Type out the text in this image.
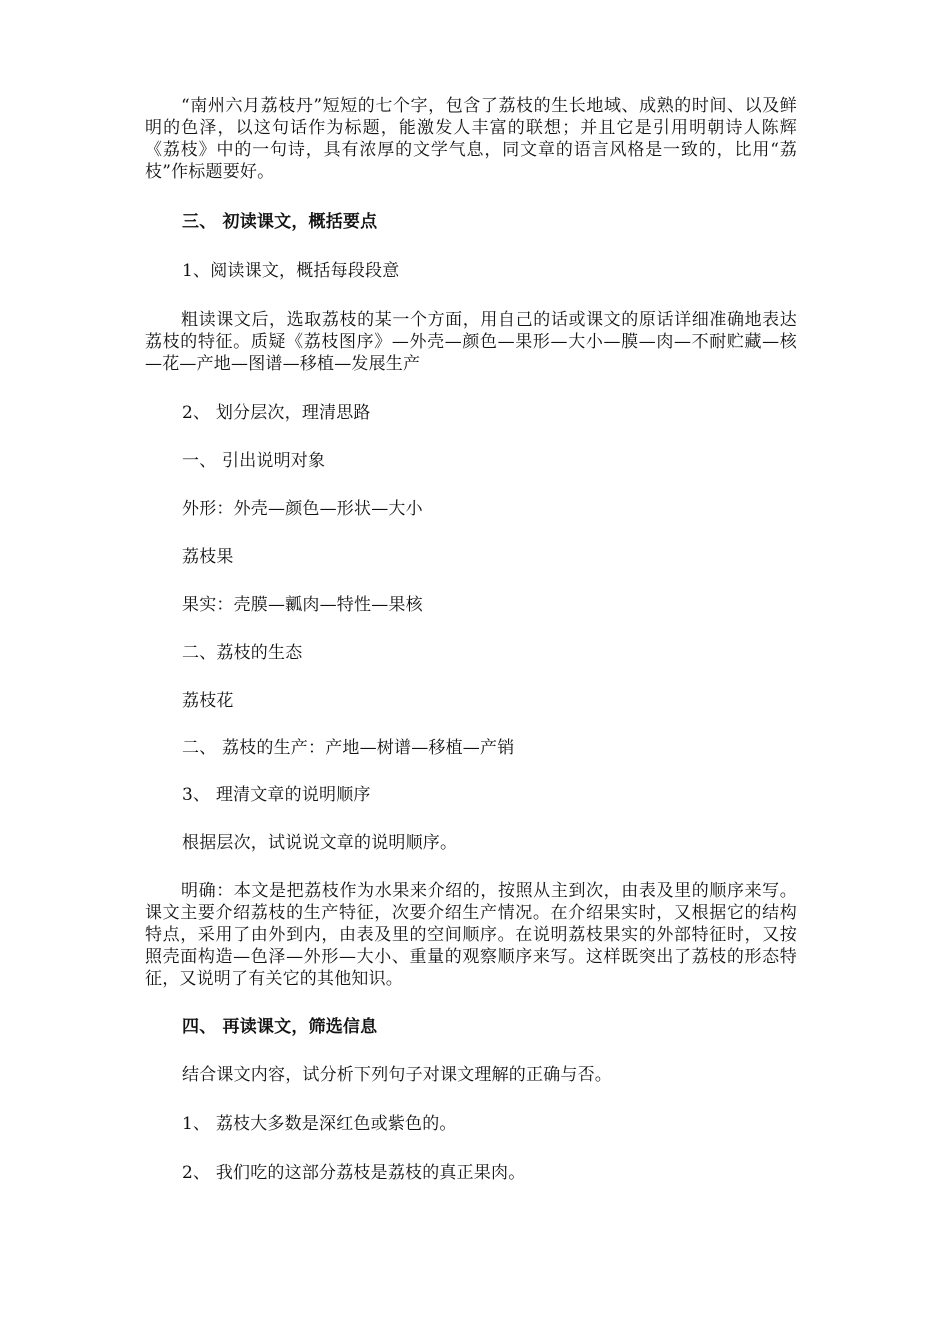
“南州六月荔枝丹”短短的七个字，包含了荔枝的生长地域、成熟的时间、以及鲜明的色泽，以这句话作为标题，能激发人丰富的联想；并且它是引用明朝诗人陈辉《荔枝》中的一句诗，具有浓厚的文学气息，同文章的语言风格是一致的，比用“荔枝”作标题要好。

三、 初读课文，概括要点

1、阅读课文，概括每段段意

粗读课文后，选取荔枝的某一个方面，用自己的话或课文的原话详细准确地表达荔枝的特征。质疑《荔枝图序》—外壳—颜色—果形—大小—膜—肉—不耐贮藏—核—花—产地—图谱—移植—发展生产

2、 划分层次，理清思路

一、 引出说明对象

外形：外壳—颜色—形状—大小

荔枝果

果实：壳膜—瓤肉—特性—果核

二、荔枝的生态

荔枝花

二、 荔枝的生产：产地—树谱—移植—产销

3、 理清文章的说明顺序

根据层次，试说说文章的说明顺序。

明确：本文是把荔枝作为水果来介绍的，按照从主到次，由表及里的顺序来写。课文主要介绍荔枝的生产特征，次要介绍生产情况。在介绍果实时，又根据它的结构特点，采用了由外到内，由表及里的空间顺序。在说明荔枝果实的外部特征时，又按照壳面构造—色泽—外形—大小、重量的观察顺序来写。这样既突出了荔枝的形态特征，又说明了有关它的其他知识。

四、 再读课文，筛选信息

结合课文内容，试分析下列句子对课文理解的正确与否。

1、 荔枝大多数是深红色或紫色的。

2、 我们吃的这部分荔枝是荔枝的真正果肉。
